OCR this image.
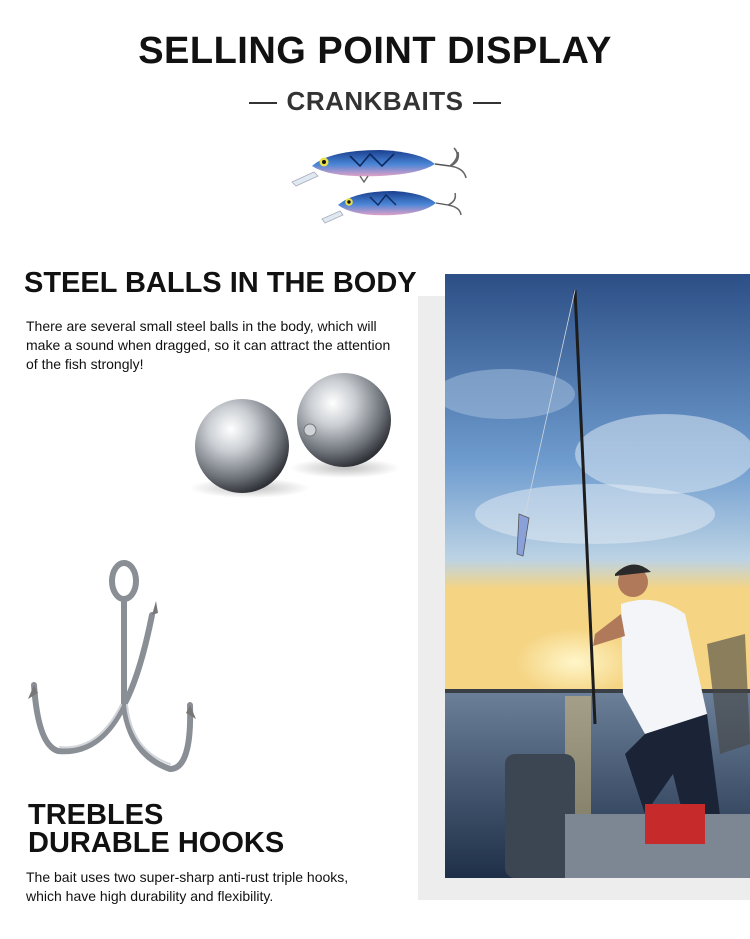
SELLING POINT DISPLAY
CRANKBAITS
STEEL BALLS IN THE BODY
There are several small steel balls in the body, which will make a sound when dragged, so it can attract the attention of the fish strongly!
TREBLES
DURABLE HOOKS
The bait uses two super-sharp anti-rust triple hooks, which have high durability and flexibility.
